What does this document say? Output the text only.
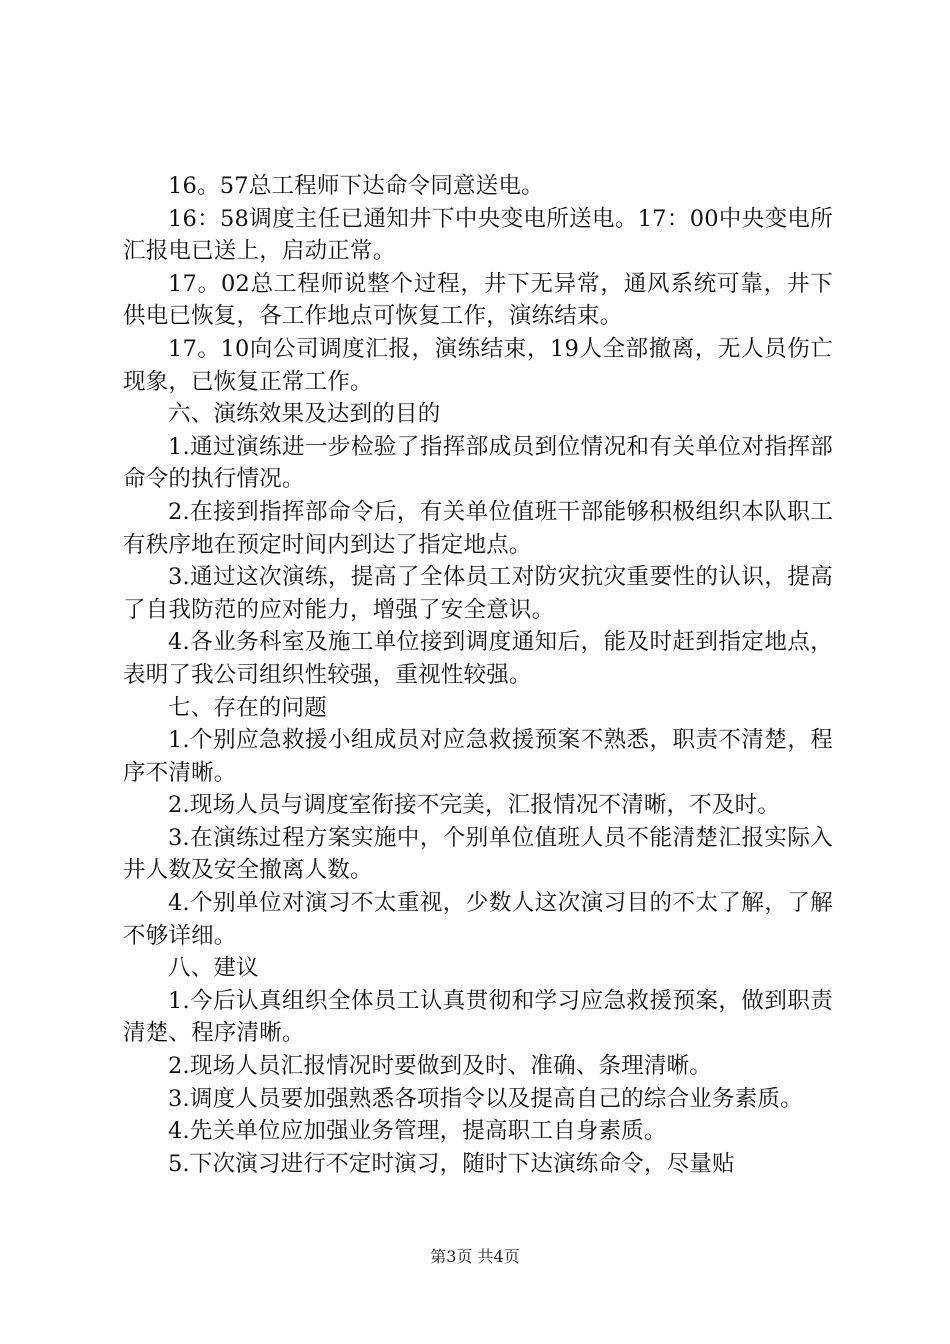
16。57总工程师下达命令同意送电。

16：58调度主任已通知井下中央变电所送电。17：00中央变电所汇报电已送上，启动正常。

17。02总工程师说整个过程，井下无异常，通风系统可靠，井下供电已恢复，各工作地点可恢复工作，演练结束。

17。10向公司调度汇报，演练结束，19人全部撤离，无人员伤亡现象，已恢复正常工作。

六、演练效果及达到的目的

1.通过演练进一步检验了指挥部成员到位情况和有关单位对指挥部命令的执行情况。

2.在接到指挥部命令后，有关单位值班干部能够积极组织本队职工有秩序地在预定时间内到达了指定地点。

3.通过这次演练，提高了全体员工对防灾抗灾重要性的认识，提高了自我防范的应对能力，增强了安全意识。

4.各业务科室及施工单位接到调度通知后，能及时赶到指定地点，表明了我公司组织性较强，重视性较强。

七、存在的问题

1.个别应急救援小组成员对应急救援预案不熟悉，职责不清楚，程序不清晰。

2.现场人员与调度室衔接不完美，汇报情况不清晰，不及时。

3.在演练过程方案实施中，个别单位值班人员不能清楚汇报实际入井人数及安全撤离人数。

4.个别单位对演习不太重视，少数人这次演习目的不太了解，了解不够详细。

八、建议

1.今后认真组织全体员工认真贯彻和学习应急救援预案，做到职责清楚、程序清晰。

2.现场人员汇报情况时要做到及时、准确、条理清晰。

3.调度人员要加强熟悉各项指令以及提高自己的综合业务素质。

4.先关单位应加强业务管理，提高职工自身素质。

5.下次演习进行不定时演习，随时下达演练命令，尽量贴

第3页 共4页
